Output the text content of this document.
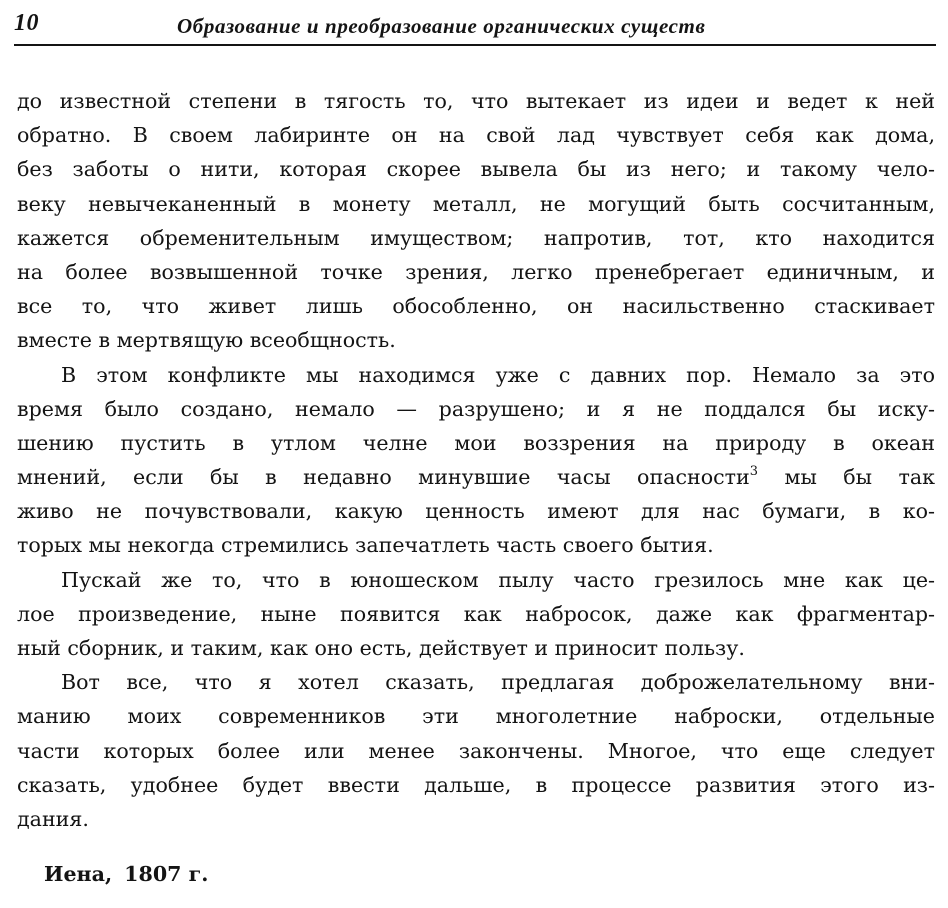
10	Образование и преобразование органических существ
до известной степени в тягость то, что вытекает из идеи и ведет к ней
обратно. В своем лабиринте он на свой лад чувствует себя как дома,
без заботы о нити, которая скорее вывела бы из него; и такому чело-
веку невычеканенный в монету металл, не могущий быть сосчитанным,
кажется обременительным имуществом; напротив, тот, кто находится
на более возвышенной точке зрения, легко пренебрегает единичным, и
все то, что живет лишь обособленно, он насильственно стаскивает
вместе в мертвящую всеобщность.
В этом конфликте мы находимся уже с давних пор. Немало за это
время было создано, немало — разрушено; и я не поддался бы иску-
шению пустить в утлом челне мои воззрения на природу в океан
мнений, если бы в недавно минувшие часы опасности$^3$ мы бы так
живо не почувствовали, какую ценность имеют для нас бумаги, в ко-
торых мы некогда стремились запечатлеть часть своего бытия.
Пускай же то, что в юношеском пылу часто грезилось мне как це-
лое произведение, ныне появится как набросок, даже как фрагментар-
ный сборник, и таким, как оно есть, действует и приносит пользу.
Вот все, что я хотел сказать, предлагая доброжелательному вни-
манию моих современников эти многолетние наброски, отдельные
части которых более или менее закончены. Многое, что еще следует
сказать, удобнее будет ввести дальше, в процессе развития этого из-
дания.
Иена, 1807 г.
